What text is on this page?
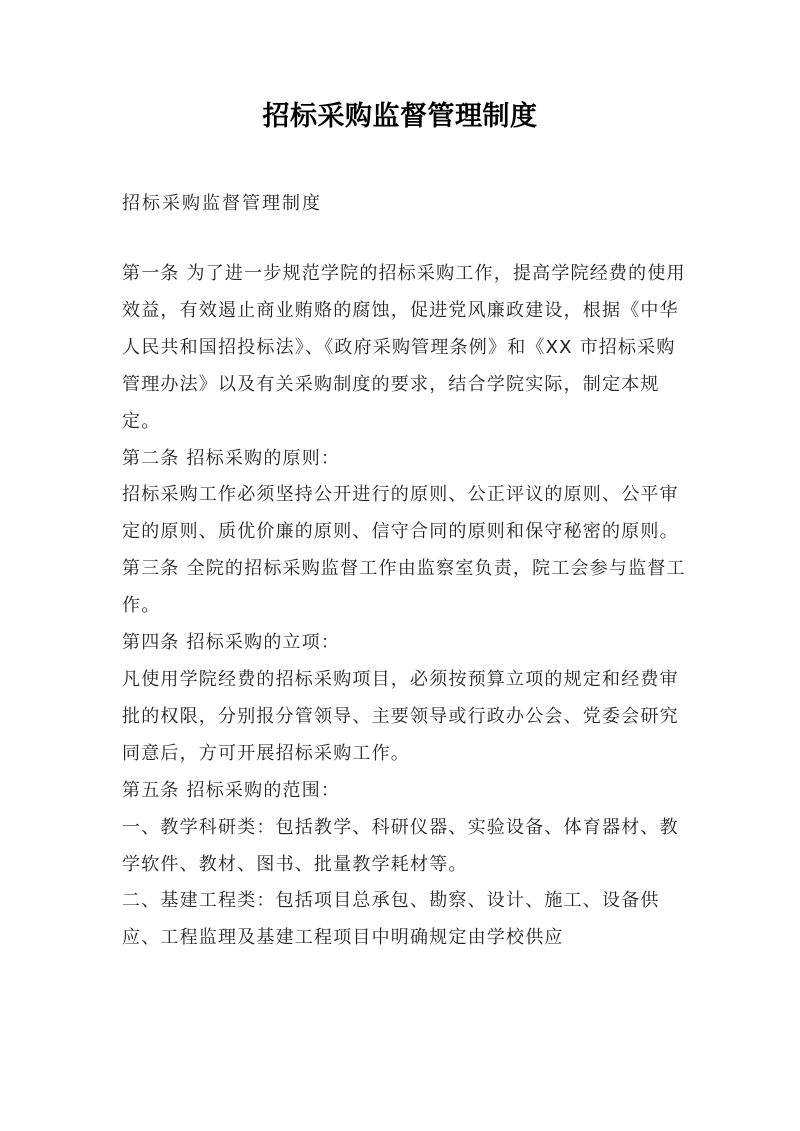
招标采购监督管理制度
招标采购监督管理制度

第一条 为了进一步规范学院的招标采购工作，提高学院经费的使用效益，有效遏止商业贿赂的腐蚀，促进党风廉政建设，根据《中华人民共和国招投标法》、《政府采购管理条例》和《XX 市招标采购管理办法》以及有关采购制度的要求，结合学院实际，制定本规定。

第二条 招标采购的原则：

招标采购工作必须坚持公开进行的原则、公正评议的原则、公平审定的原则、质优价廉的原则、信守合同的原则和保守秘密的原则。

第三条 全院的招标采购监督工作由监察室负责，院工会参与监督工作。

第四条 招标采购的立项：

凡使用学院经费的招标采购项目，必须按预算立项的规定和经费审批的权限，分别报分管领导、主要领导或行政办公会、党委会研究同意后，方可开展招标采购工作。

第五条 招标采购的范围：

一、教学科研类：包括教学、科研仪器、实验设备、体育器材、教学软件、教材、图书、批量教学耗材等。

二、基建工程类：包括项目总承包、勘察、设计、施工、设备供应、工程监理及基建工程项目中明确规定由学校供应
